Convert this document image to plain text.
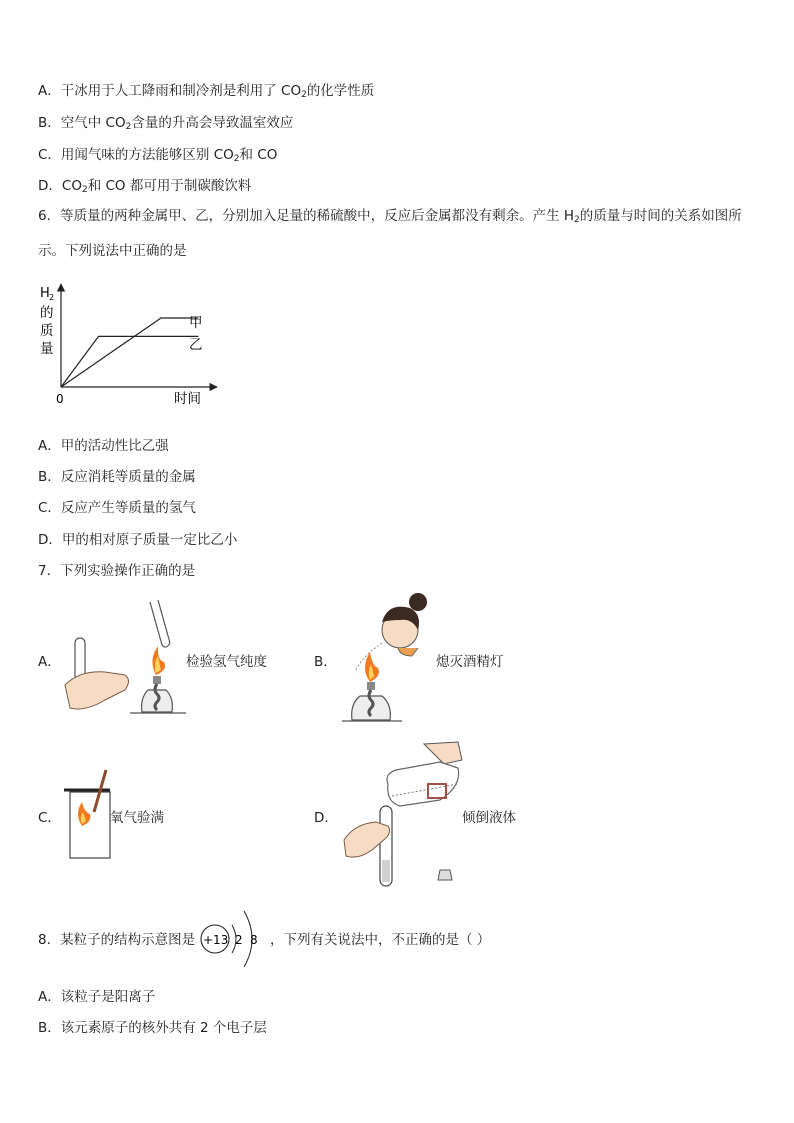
A．干冰用于人工降雨和制冷剂是利用了 $CO_2$的化学性质
B．空气中 $CO_2$含量的升高会导致温室效应
C．用闻气味的方法能够区别 $CO_2$和 CO
D．$CO_2$和 CO 都可用于制碳酸饮料
6．等质量的两种金属甲、乙，分别加入足量的稀硫酸中，反应后金属都没有剩余。产生 $H_2$的质量与时间的关系如图所示。下列说法中正确的是
H 2
的
质
量
0	时间
甲
乙
A．甲的活动性比乙强
B．反应消耗等质量的金属
C．反应产生等质量的氢气
D．甲的相对原子质量一定比乙小
7．下列实验操作正确的是
A．	检验氢气纯度	B．	熄灭酒精灯
C．	氧气验满	D．	倾倒液体
8．某粒子的结构示意图是 +13 2 8 ，下列有关说法中，不正确的是（ ）
A．该粒子是阳离子
B．该元素原子的核外共有 2 个电子层
